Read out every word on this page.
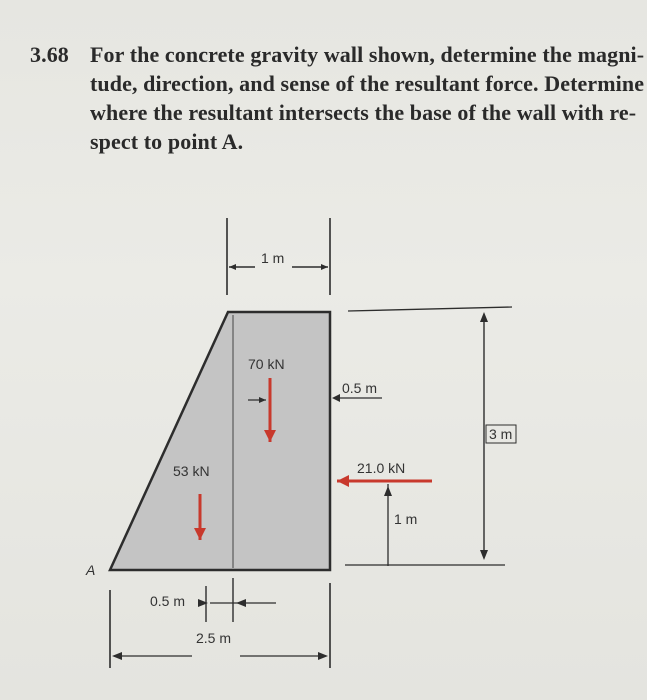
3.68 For the concrete gravity wall shown, determine the magni-
tude, direction, and sense of the resultant force. Determine
where the resultant intersects the base of the wall with re-
spect to point A.
1 m
70 kN
0.5 m
53 kN	21.0 kN
1 m
3 m
A
0.5 m
2.5 m
